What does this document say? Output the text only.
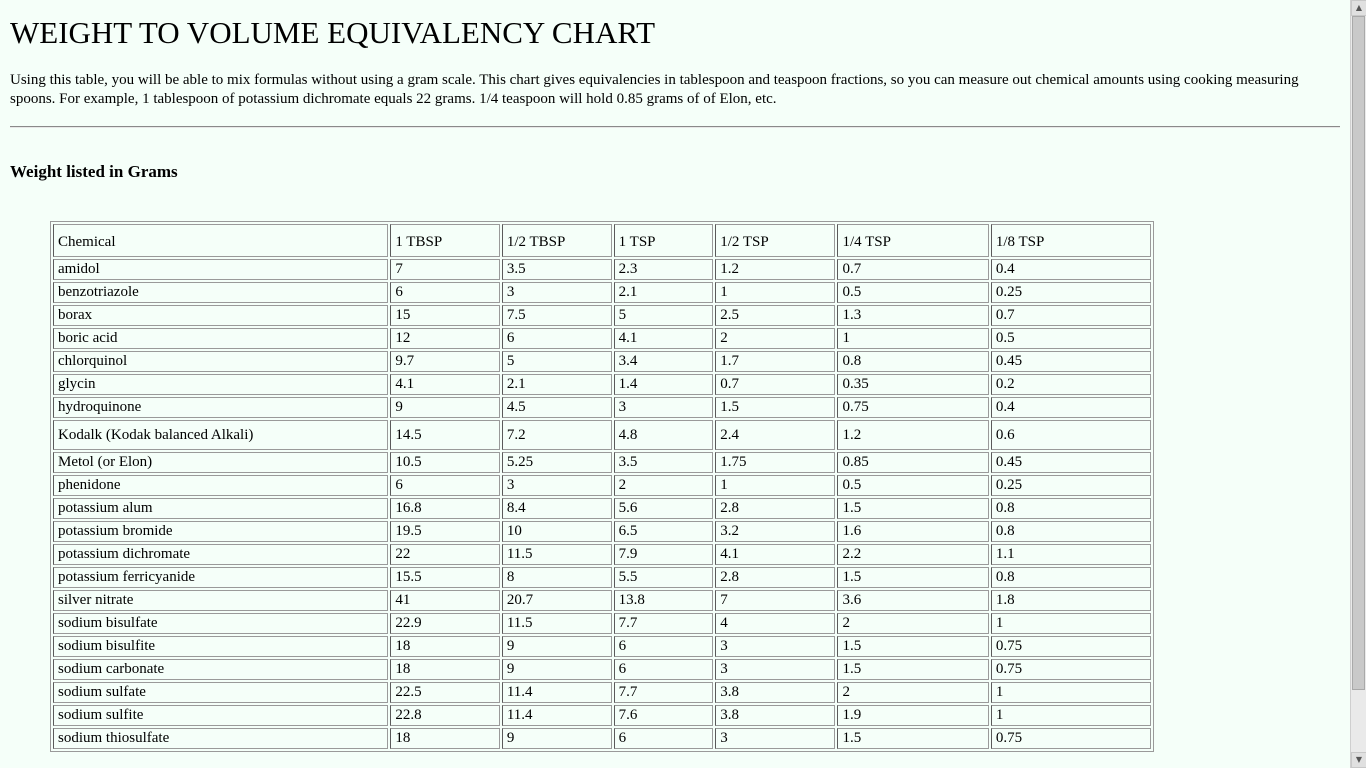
WEIGHT TO VOLUME EQUIVALENCY CHART

Using this table, you will be able to mix formulas without using a gram scale. This chart gives equivalencies in tablespoon and teaspoon fractions, so you can measure out chemical amounts using cooking measuring spoons. For example, 1 tablespoon of potassium dichromate equals 22 grams. 1/4 teaspoon will hold 0.85 grams of of Elon, etc.

Weight listed in Grams
Chemical	1 TBSP	1/2 TBSP	1 TSP	1/2 TSP	1/4 TSP	1/8 TSP
amidol	7	3.5	2.3	1.2	0.7	0.4
benzotriazole	6	3	2.1	1	0.5	0.25
borax	15	7.5	5	2.5	1.3	0.7
boric acid	12	6	4.1	2	1	0.5
chlorquinol	9.7	5	3.4	1.7	0.8	0.45
glycin	4.1	2.1	1.4	0.7	0.35	0.2
hydroquinone	9	4.5	3	1.5	0.75	0.4
Kodalk (Kodak balanced Alkali)	14.5	7.2	4.8	2.4	1.2	0.6
Metol (or Elon)	10.5	5.25	3.5	1.75	0.85	0.45
phenidone	6	3	2	1	0.5	0.25
potassium alum	16.8	8.4	5.6	2.8	1.5	0.8
potassium bromide	19.5	10	6.5	3.2	1.6	0.8
potassium dichromate	22	11.5	7.9	4.1	2.2	1.1
potassium ferricyanide	15.5	8	5.5	2.8	1.5	0.8
silver nitrate	41	20.7	13.8	7	3.6	1.8
sodium bisulfate	22.9	11.5	7.7	4	2	1
sodium bisulfite	18	9	6	3	1.5	0.75
sodium carbonate	18	9	6	3	1.5	0.75
sodium sulfate	22.5	11.4	7.7	3.8	2	1
sodium sulfite	22.8	11.4	7.6	3.8	1.9	1
sodium thiosulfate	18	9	6	3	1.5	0.75
▲
▼
